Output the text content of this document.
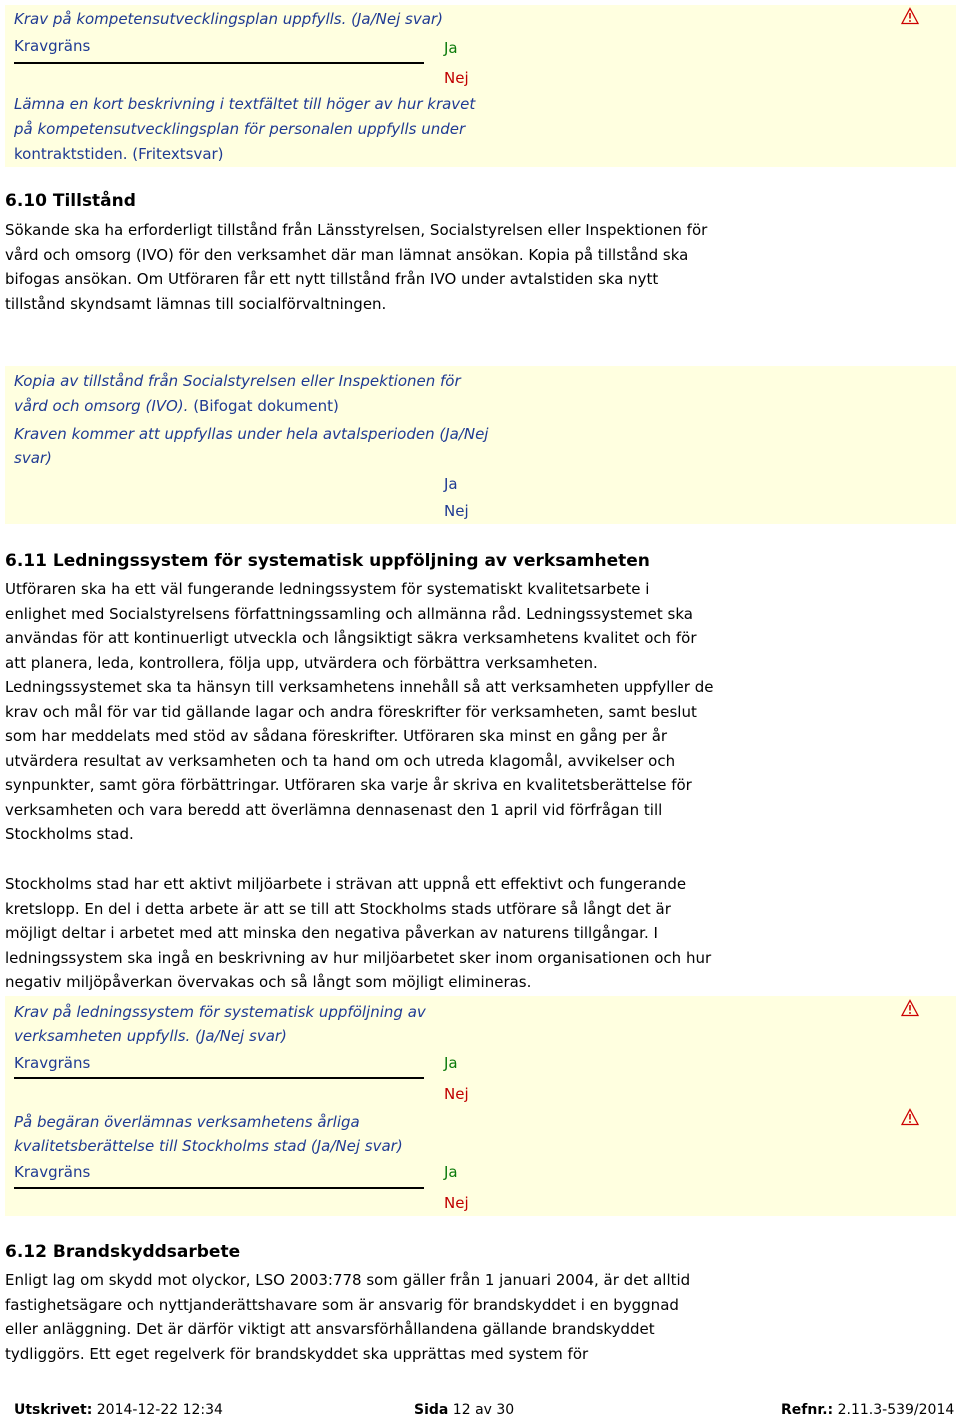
Krav på kompetensutvecklingsplan uppfylls. (Ja/Nej svar)
Kravgräns	Ja
Nej
Lämna en kort beskrivning i textfältet till höger av hur kravet
på kompetensutvecklingsplan för personalen uppfylls under
kontraktstiden. (Fritextsvar)
6.10 Tillstånd
Sökande ska ha erforderligt tillstånd från Länsstyrelsen, Socialstyrelsen eller Inspektionen för
vård och omsorg (IVO) för den verksamhet där man lämnat ansökan. Kopia på tillstånd ska
bifogas ansökan. Om Utföraren får ett nytt tillstånd från IVO under avtalstiden ska nytt
tillstånd skyndsamt lämnas till socialförvaltningen.
Kopia av tillstånd från Socialstyrelsen eller Inspektionen för
vård och omsorg (IVO). (Bifogat dokument)
Kraven kommer att uppfyllas under hela avtalsperioden (Ja/Nej
svar)
Ja
Nej
6.11 Ledningssystem för systematisk uppföljning av verksamheten
Utföraren ska ha ett väl fungerande ledningssystem för systematiskt kvalitetsarbete i
enlighet med Socialstyrelsens författningssamling och allmänna råd. Ledningssystemet ska
användas för att kontinuerligt utveckla och långsiktigt säkra verksamhetens kvalitet och för
att planera, leda, kontrollera, följa upp, utvärdera och förbättra verksamheten.
Ledningssystemet ska ta hänsyn till verksamhetens innehåll så att verksamheten uppfyller de
krav och mål för var tid gällande lagar och andra föreskrifter för verksamheten, samt beslut
som har meddelats med stöd av sådana föreskrifter. Utföraren ska minst en gång per år
utvärdera resultat av verksamheten och ta hand om och utreda klagomål, avvikelser och
synpunkter, samt göra förbättringar. Utföraren ska varje år skriva en kvalitetsberättelse för
verksamheten och vara beredd att överlämna dennasenast den 1 april vid förfrågan till
Stockholms stad.
Stockholms stad har ett aktivt miljöarbete i strävan att uppnå ett effektivt och fungerande
kretslopp. En del i detta arbete är att se till att Stockholms stads utförare så långt det är
möjligt deltar i arbetet med att minska den negativa påverkan av naturens tillgångar. I
ledningssystem ska ingå en beskrivning av hur miljöarbetet sker inom organisationen och hur
negativ miljöpåverkan övervakas och så långt som möjligt elimineras.
Krav på ledningssystem för systematisk uppföljning av
verksamheten uppfylls. (Ja/Nej svar)
Kravgräns	Ja
Nej
På begäran överlämnas verksamhetens årliga
kvalitetsberättelse till Stockholms stad (Ja/Nej svar)
Kravgräns	Ja
Nej
6.12 Brandskyddsarbete
Enligt lag om skydd mot olyckor, LSO 2003:778 som gäller från 1 januari 2004, är det alltid
fastighetsägare och nyttjanderättshavare som är ansvarig för brandskyddet i en byggnad
eller anläggning. Det är därför viktigt att ansvarsförhållandena gällande brandskyddet
tydliggörs. Ett eget regelverk för brandskyddet ska upprättas med system för
Utskrivet: 2014-12-22 12:34	Sida 12 av 30	Refnr.: 2.11.3-539/2014
